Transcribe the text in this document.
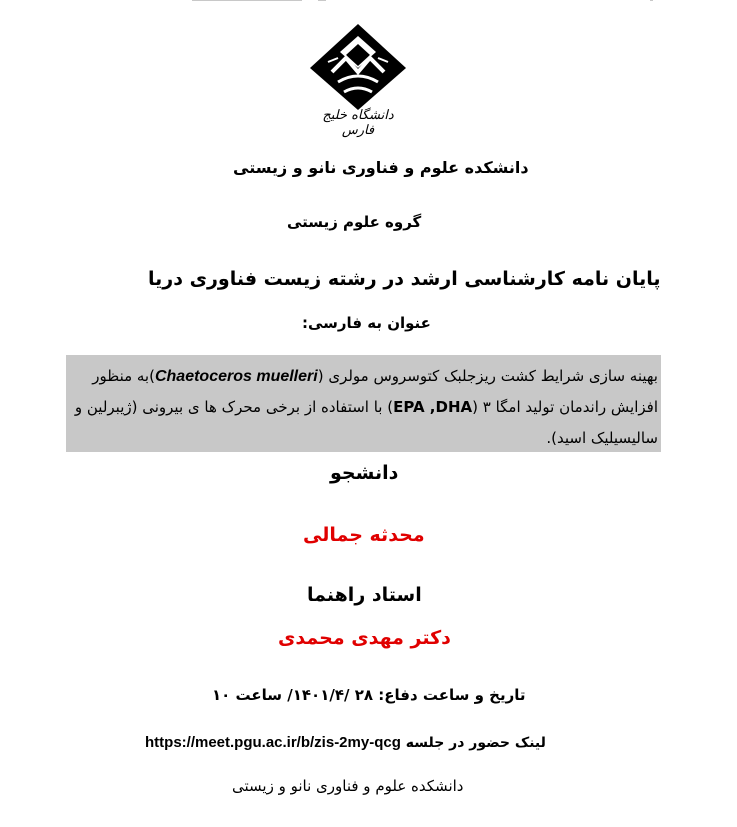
دانشگاه خلیج فارس
دانشکده علوم و فناوری نانو و زیستی
گروه علوم زیستی
پایان نامه کارشناسی ارشد در رشته زیست فناوری دریا
عنوان به فارسی:

بهینه سازی شرایط کشت ریزجلبک کتوسروس مولری (Chaetoceros muelleri)به منظور افزایش راندمان تولید امگا ۳ (EPA ,DHA) با استفاده از برخی محرک ها ی بیرونی (ژیبرلین و سالیسیلیک اسید).

دانشجو
محدثه جمالی
استاد راهنما
دکتر مهدی محمدی
تاریخ و ساعت دفاع: ۲۸ /۱۴۰۱/۴/ ساعت ۱۰
https://meet.pgu.ac.ir/b/zis-2my-qcg لینک حضور در جلسه
دانشکده علوم و فناوری نانو و زیستی
